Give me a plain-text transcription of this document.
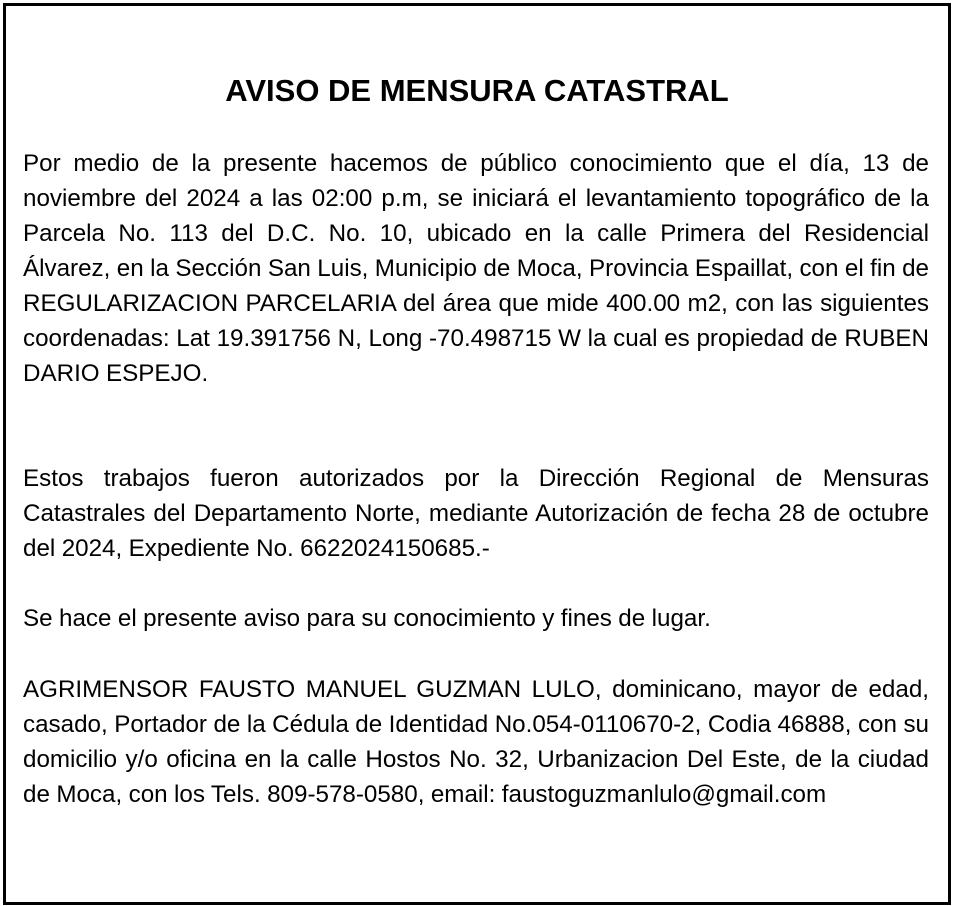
AVISO DE MENSURA CATASTRAL

Por medio de la presente hacemos de público conocimiento que el día, 13 de noviembre del 2024 a las 02:00 p.m, se iniciará el levantamiento topográfico de la Parcela No. 113 del D.C. No. 10, ubicado en la calle Primera del Residencial Álvarez, en la Sección San Luis, Municipio de Moca, Provincia Espaillat, con el fin de REGULARIZACION PARCELARIA del área que mide 400.00 m2, con las siguientes coordenadas: Lat 19.391756 N, Long -70.498715 W la cual es propiedad de RUBEN DARIO ESPEJO.

Estos trabajos fueron autorizados por la Dirección Regional de Mensuras Catastrales del Departamento Norte, mediante Autorización de fecha 28 de octubre del 2024, Expediente No. 6622024150685.-

Se hace el presente aviso para su conocimiento y fines de lugar.

AGRIMENSOR FAUSTO MANUEL GUZMAN LULO, dominicano, mayor de edad, casado, Portador de la Cédula de Identidad No.054-0110670-2, Codia 46888, con su domicilio y/o oficina en la calle Hostos No. 32, Urbanizacion Del Este, de la ciudad de Moca, con los Tels. 809-578-0580, email: faustoguzmanlulo@gmail.com
